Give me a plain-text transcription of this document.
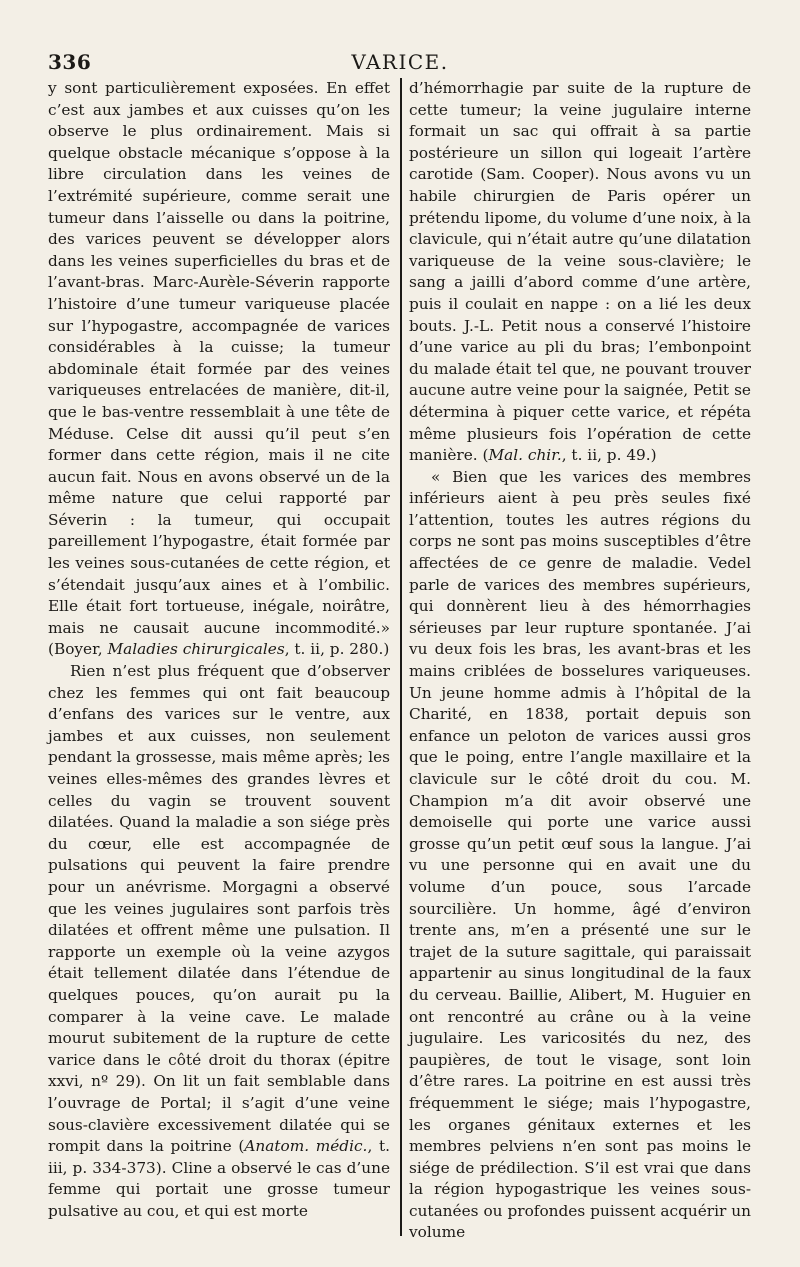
336	VARICE.

y sont particulièrement exposées. En effet c’est aux jambes et aux cuisses qu’on les observe le plus ordinairement. Mais si quelque obstacle mécanique s’oppose à la libre circulation dans les veines de l’extrémité supérieure, comme serait une tumeur dans l’aisselle ou dans la poitrine, des varices peuvent se développer alors dans les veines superficielles du bras et de l’avant-bras. Marc-Aurèle-Séverin rapporte l’histoire d’une tumeur variqueuse placée sur l’hypogastre, accompagnée de varices considérables à la cuisse; la tumeur abdominale était formée par des veines variqueuses entrelacées de manière, dit-il, que le bas-ventre ressemblait à une tête de Méduse. Celse dit aussi qu’il peut s’en former dans cette région, mais il ne cite aucun fait. Nous en avons observé un de la même nature que celui rapporté par Séverin : la tumeur, qui occupait pareillement l’hypogastre, était formée par les veines sous-cutanées de cette région, et s’étendait jusqu’aux aines et à l’ombilic. Elle était fort tortueuse, inégale, noirâtre, mais ne causait aucune incommodité.» (Boyer, Maladies chirurgicales, t. ii, p. 280.)

Rien n’est plus fréquent que d’observer chez les femmes qui ont fait beaucoup d’enfans des varices sur le ventre, aux jambes et aux cuisses, non seulement pendant la grossesse, mais même après; les veines elles-mêmes des grandes lèvres et celles du vagin se trouvent souvent dilatées. Quand la maladie a son siége près du cœur, elle est accompagnée de pulsations qui peuvent la faire prendre pour un anévrisme. Morgagni a observé que les veines jugulaires sont parfois très dilatées et offrent même une pulsation. Il rapporte un exemple où la veine azygos était tellement dilatée dans l’étendue de quelques pouces, qu’on aurait pu la comparer à la veine cave. Le malade mourut subitement de la rupture de cette varice dans le côté droit du thorax (épitre xxvi, nº 29). On lit un fait semblable dans l’ouvrage de Portal; il s’agit d’une veine sous-clavière excessivement dilatée qui se rompit dans la poitrine (Anatom. médic., t. iii, p. 334-373). Cline a observé le cas d’une femme qui portait une grosse tumeur pulsative au cou, et qui est morte

d’hémorrhagie par suite de la rupture de cette tumeur; la veine jugulaire interne formait un sac qui offrait à sa partie postérieure un sillon qui logeait l’artère carotide (Sam. Cooper). Nous avons vu un habile chirurgien de Paris opérer un prétendu lipome, du volume d’une noix, à la clavicule, qui n’était autre qu’une dilatation variqueuse de la veine sous-clavière; le sang a jailli d’abord comme d’une artère, puis il coulait en nappe : on a lié les deux bouts. J.-L. Petit nous a conservé l’histoire d’une varice au pli du bras; l’embonpoint du malade était tel que, ne pouvant trouver aucune autre veine pour la saignée, Petit se détermina à piquer cette varice, et répéta même plusieurs fois l’opération de cette manière. (Mal. chir., t. ii, p. 49.)

« Bien que les varices des membres inférieurs aient à peu près seules fixé l’attention, toutes les autres régions du corps ne sont pas moins susceptibles d’être affectées de ce genre de maladie. Vedel parle de varices des membres supérieurs, qui donnèrent lieu à des hémorrhagies sérieuses par leur rupture spontanée. J’ai vu deux fois les bras, les avant-bras et les mains criblées de bosselures variqueuses. Un jeune homme admis à l’hôpital de la Charité, en 1838, portait depuis son enfance un peloton de varices aussi gros que le poing, entre l’angle maxillaire et la clavicule sur le côté droit du cou. M. Champion m’a dit avoir observé une demoiselle qui porte une varice aussi grosse qu’un petit œuf sous la langue. J’ai vu une personne qui en avait une du volume d’un pouce, sous l’arcade sourcilière. Un homme, âgé d’environ trente ans, m’en a présenté une sur le trajet de la suture sagittale, qui paraissait appartenir au sinus longitudinal de la faux du cerveau. Baillie, Alibert, M. Huguier en ont rencontré au crâne ou à la veine jugulaire. Les varicosités du nez, des paupières, de tout le visage, sont loin d’être rares. La poitrine en est aussi très fréquemment le siége; mais l’hypogastre, les organes génitaux externes et les membres pelviens n’en sont pas moins le siége de prédilection. S’il est vrai que dans la région hypogastrique les veines sous-cutanées ou profondes puissent acquérir un volume
